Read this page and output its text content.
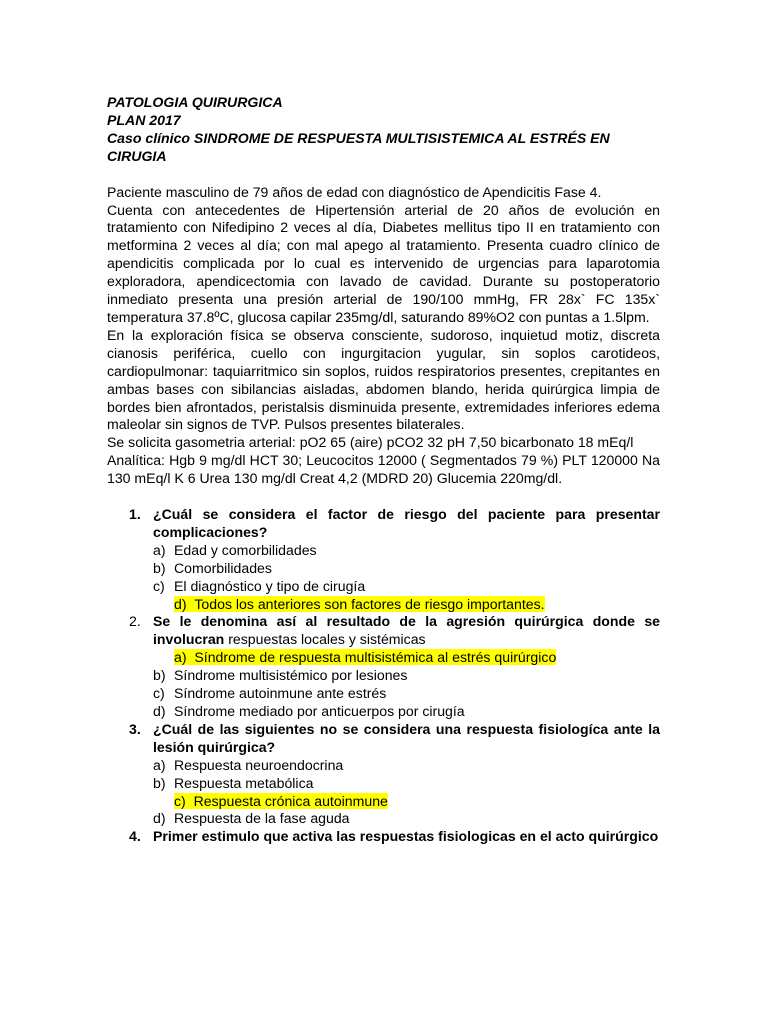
PATOLOGIA QUIRURGICA

PLAN 2017

Caso clínico SINDROME DE RESPUESTA MULTISISTEMICA AL ESTRÉS EN CIRUGIA

Paciente masculino de 79 años de edad con diagnóstico de Apendicitis Fase 4.

Cuenta con antecedentes de Hipertensión arterial de 20 años de evolución en tratamiento con Nifedipino 2 veces al día, Diabetes mellitus tipo II en tratamiento con metformina 2 veces al día; con mal apego al tratamiento. Presenta cuadro clínico de apendicitis complicada por lo cual es intervenido de urgencias para laparotomia exploradora, apendicectomia con lavado de cavidad. Durante su postoperatorio inmediato presenta una presión arterial de 190/100 mmHg, FR 28x` FC 135x` temperatura 37.8ºC, glucosa capilar 235mg/dl, saturando 89%O2 con puntas a 1.5lpm.

En la exploración física se observa consciente, sudoroso, inquietud motiz, discreta cianosis periférica, cuello con ingurgitacion yugular, sin soplos carotideos, cardiopulmonar: taquiarritmico sin soplos, ruidos respiratorios presentes, crepitantes en ambas bases con sibilancias aisladas, abdomen blando, herida quirúrgica limpia de bordes bien afrontados, peristalsis disminuida presente, extremidades inferiores edema maleolar sin signos de TVP. Pulsos presentes bilaterales.

Se solicita gasometria arterial: pO2 65 (aire) pCO2 32 pH 7,50 bicarbonato 18 mEq/l

Analítica: Hgb 9 mg/dl HCT 30; Leucocitos 12000 ( Segmentados 79 %) PLT 120000 Na 130 mEq/l K 6 Urea 130 mg/dl Creat 4,2 (MDRD 20) Glucemia 220mg/dl.

1. ¿Cuál se considera el factor de riesgo del paciente para presentar complicaciones?

a) Edad y comorbilidades
b) Comorbilidades
c) El diagnóstico y tipo de cirugía
d) Todos los anteriores son factores de riesgo importantes.
2. Se le denomina así al resultado de la agresión quirúrgica donde se involucran respuestas locales y sistémicas

a) Síndrome de respuesta multisistémica al estrés quirúrgico
b) Síndrome multisistémico por lesiones
c) Síndrome autoinmune ante estrés
d) Síndrome mediado por anticuerpos por cirugía
3. ¿Cuál de las siguientes no se considera una respuesta fisiologíca ante la lesión quirúrgica?

a) Respuesta neuroendocrina
b) Respuesta metabólica
c) Respuesta crónica autoinmune
d) Respuesta de la fase aguda
4. Primer estimulo que activa las respuestas fisiologicas en el acto quirúrgico
